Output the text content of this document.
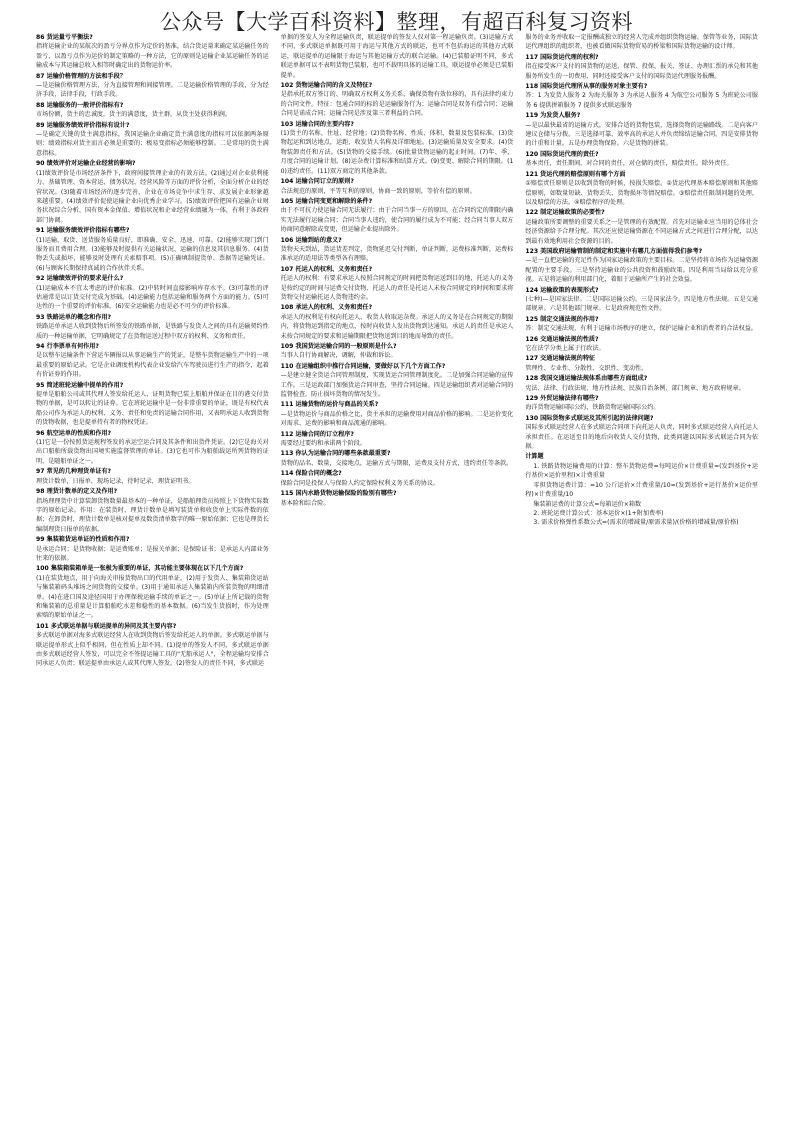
公众号【大学百科资料】整理，有超百科复习资料
86 货运量亏平衡法?
指将运输企业的某航次的盈亏分界点作为定价的基准，结合货运量来确定某运输任务的盈亏，以盈亏点作为运价的制定策略的一种方法，它的原则是运输企业某运输任务的运输成本与其运输总收入相等时确定出的货物运价率。
87 运输价格管理的方法和手段？
—是运输价格管理方法，分为直接管理和间接管理。二是运输价格管理的手段，分为经济手段，法律手段，行政手段。
88 运输服务的一般评价指标有?
市场份额，货主的忠诚度，货主的满意度，货主群，从货主处获得利润。
89 运输服务绩效评价指标有设计?
—是确定关键的货主满意指标，我国运输企业确定货主满意度的指标可以依据两条原则：绩效指标对货主而言必须是重要的；极易变指标必须能够控制。二是常用的货主满意指标。
90 绩效评价对运输企业经营的影响?
(1)绩效评价是市场经济条件下，政府间接管理企业的有效方法。(2)通过对企业获利能力、基础管理、资本营运、债务状况、经营风险等方面的评价分析，全面分析企业的经营状况。(3)随着市场经济的逐步完善，企业在市场竞争中求生存、求发展企业形象越来越重要。(4)绩效评价促使运输企业向优秀企业学习。(5)绩效评价把国有运输企业财务状况综合分析、国有资本金保值、增值状况和企业经营业绩融为一体，有利于各政府部门协调。
91 运输服务绩效评价指标有哪些?
(1)运输、取货、送货服务质量良好，即准确、安全、迅速、可靠。(2)能够实现门到门服务而且费用合理。(3)能够及时提供有关运输状况、运输的信息及其信息服务。(4)货物丢失或损坏，能够及时处理有关索赔事项。(5)正确填制提货单、票据等运输凭证。(6)与顾客长期保持真诚的合作伙伴关系。
92 运输绩效评价的要求是什么?
(1)运输成本不宜太考虑的评价标准。(2)中转时间直接影响库存水平。(3)可靠性的评估通常是以订货交付完成为基础。(4)运输能力包括运输和服务两个方面的能力。(5)可达性的一个重要的评价标准。(6)安全运输能力也是必不可少的评价标准。
93 铁路运单的概念和作用?
铁路运单承运人收到货物后所签发的铁路单据，是铁路与发货人之间的具有运输契约性质的一种运输单据，它明确规定了在货物运送过程中双方的权利、义务和责任。
94 行李票单有何作用?
是以整车运输条件下营运车辆报以从事运输生产的凭证，是整车货物运输生产中的一项最重要的原始记录。它是企业调度机构代表企业发给汽车驾驶员进行生产的指令，起着有价证券的作用。
95 简述班轮运输中提单的作用?
提单是船舶公司或其代理人签发给托运人，证明货物已装上船舶并保证在目的港交付货物的单据，是可以转让的证券。它在班轮运输中是一份非常重要的单证，既是有权代表船公司作为承运人的权利、义务、责任和免责的运输合同作用，又表明承运人收到货物的货物收据，也是提单持有者的物权凭证。
96 航空运单的性质和作用?
(1)它是一份按照货运规程签发的承运空运合同及其条件和出货件凭证。(2)它是海关对出口船舶所载货物出国境实施监督管理的单证。(3)它也可作为船舶载运所列货物的证明，是随船单证之一。
97 常见的几种理货单证有?
理货计数单，日报单，现场记录，待时记录，理货证明书。
98 理货计数单的定义及作用?
指场理理货中计算装卸货物数量最基本的一种单证，是船舶理货员按照上下货物实际数字的原始记录。作用：在装货时，理货计数单是填写装货单和收货单上实际件数的依据；在卸货时，理货计数单是核对提单及数货清单数字的唯一原始依据；它也是理货长编制理货日报单的依据。
99 集装箱货运单证的性质和作用?
是承运合同；是货物收据；是运费账单；是报关单据；是保险证书；是承运人内部业务往来的依据。
100 集装箱装箱单是一张极为重要的单证，其功能主要体现在以下几个方面?
(1)在装货地点，用于向海关审报货物出口的代用单证。(2)用于发货人、集装箱货运站与集装箱码头堆场之间货物的交接单。(3)用于通知承运人集装箱内所装货物的明细清单。(4)在进口国及途径国用于办理保税运输手续的单证之一。(5)单证上所记载的货物和集装箱的总重量是计算船舶吃水差和稳性的基本数据。(6)当发生货损时，作为处理索赔的原始单证之一。
101 多式联运单据与联运提单的异同及其主要内容?
多式联运单据对海多式联运经营人在收到货物后签发给托运人的单据。多式联运单据与联运提单形式上似乎相同，但在性质上却不同。(1)提单的签发人不同，多式联运单据由多式联运经营人签发，可以完全不签提运输工具的"无船承运人"，全程运输均安排合同承运人负责；联运提单由承运人或其代理人签发。(2)签发人的责任不同，多式联运
单据的签发人为全程运输负责，联运提单的签发人仅对第一程运输负责。(3)运输方式不同，多式联运单据既可用于海运与其他方式的联运，也可不包括海运的其他方式联运，联运提单的运输限于海运与其他运输方式的联合运输。(4)已装船证明不同，多式联运单据可以不表明货物已装船，也可不载明具体的运输工具，联运提单必须是已装船提单。
102 货物运输合同的含义及特征?
是指承托双方签订的、明确双方权利义务关系、确保货物有效位移的、具有法律约束力的合同文件。特征：包通合同的标的是运输服务行为；运输合同是双务有偿合同；运输合同是诺成合同；运输合同是涉及第三者利益的合同。
103 运输合同的主要内容?
(1)货主的名称、住址、经营地；(2)货物名称、性质、体积、数量及包装标准。(3)货物起运和到达地点，运距、收发货人名称及详细地址。(3)运输质量及安全要求。(4)货物装卸责任和方法。(5)货物的交接手续。(6)批量货物运输的起止时间。(7)年、季、月度合同的运输计划。(8)运杂费计算标准和结算方式。(9)变更、解除合同的期限。(10)违约责任。(11)双方商定的其他条款。
104 运输合同订立的原则?
合法规范的原则，平等互利的原则，协商一致的原则，等价有偿的原则。
105 运输合同变更和解除的条件?
由于不可抗力使运输合同无法履行；由于合同当事一方的原因，在合同约定的期限内确实无法履行运输合同；合同当事人违约，使合同的履行成为不可能；经合同当事人双方协商同意解除或变更，但运输企业提出除外。
106 运输到站的意义?
货物天天到站，货运货差判定，货物延迟交付判断，单证判断，运费标准判断，运费标准承运的适用法等类型各有理赔。
107 托运人的权利、义务和责任?
托运人的权利：有要求承运人按照合同规定的时间把货物运送到目的地，托运人的义务是按约定的时间与运费交付货物、托运人的责任是托运人未按合同规定的时间和要求将货物交付运输托运人货物违约金。
108 承运人的权利、义务和责任?
承运人的权利是有权向托运人、收货人收取运杂费。承运人的义务是在合同规定的期限内，将货物运到指定的地点，按时向收货人发出货物到达通知。承运人的责任是承运人未按合同规定的要求和运输期限把货物送到目的地而导致的责任。
109 我国货运运输合同的一般原则是什么?
当事人自行协商解决，调解，仲裁和诉讼。
110 在运输组织中推行合同运输，要做好以下几个方面工作?
—是建立健全货运合同管理制度，实现货运合同管理制度化。二是加强合同运输的宣传工作。三是运政部门加强货运合同审查，坚持合同运输。四是运输组织者对运输合同的监督检查，防止损坏货物的情况发生。
111 运输货物的运价与商品的关系?
—是货物运价与商品价格之比，货主承担的运输费用对商品价格的影响。二是运价变化对需求、运费的影响和商品流通的影响。
112 运输合同的订立程序?
需要经过要约和承诺两个阶段。
113 你认为运输合同的哪些条款最重要?
货物的品名、数量，交接地点，运输方式与期限，运费及支付方式，违约责任等条款。
114 保险合同的概念?
保险合同是投保人与保险人约定保险权利义务关系的协议。
115 国内水路货物运输保险的险别有哪些?
基本险和综合险。
服务的业务并收取一定报酬或独立的经营人完成并组织货物运输、保管等业务，国际货运代理组织的组织者，也被看做国际货物贸易的桥梁和国际货物运输的设计师。
117 国际货运代理的权利?
指在接受客户支付的国货物的运送、保管、投保、报关、签证、办理汇票的承兑和其他服务所发生的一切费用，同时还接受客户支付的国际货运代理服务报酬。
118 国际货运代理所从事的服务对象主要有?
答：1 为发货人服务 2 为海关服务 3 为承运人服务 4 为航空公司服务 5 为班轮公司服务 6 提供拼箱服务 7 提供多式联运服务
119 为发货人服务?
—是以最快最省的运输方式，安排合适的货物包装，选择货物的运输路线。二是向客户建议仓储与分拨。三是选择可靠、效率高的承运人并负责缔结运输合同。四是安排货物的计重和计量。五是办理货物保险。六是货物的拼装。
120 国际货运代理的责任?
基本责任，责任期间，对合同的责任，对仓储的责任，赔偿责任，除外责任。
121 货运代理的赔偿原则有哪个方面
①赔偿责任原则是以收到货物的时候，按损失赔偿。②货运代理基本赔偿原则和其他赔偿原则，如数量短缺、货物丢失、货物损坏等情况赔偿。③赔偿责任限制问题的处理，以及赔偿的方法。④赔偿程序的处理。
122 制定运输政策的必要性?
运输政策所要调整的重要关系之一是管理的有效配置。首先对运输业应当用的总体社会经济资源给予合理分配。其次还应使运输资源在不同运输方式之间进行合理分配，以达到最有效地利用社会资源的目的。
123 美国政府运输管制的制定和实施中有哪几方面值得我们参考?
—是一直把运输的充足性作为国家运输政策的主要目标。二是坚持将市场作为运输资源配置的主要手段。三是坚持运输业的公共投资和鼓励政策。四是利用当局给以充分重视。五是将运输的利用部门化，着眼于运输所产生的社会效益。
124 运输政策的表现形式?
(七种)—是国家法律。二是国际运输公约。三是国家法令。四是地方性法规。五是交通部规章。六是其他部门规章。七是政府规范性文件。
125 制定交通法规的作用?
答：制定交通法规，有利于运输市场秩序的建立，保护运输企业和消费者的合法权益。
126 交通运输法规的性质?
它在法学分类上属于行政法。
127 交通运输法规的特征
管理性、专业性、分散性、交织性、变动性。
128 我国交通运输法规体系由哪些方面组成?
宪法、法律、行政法规、地方性法规、民族自治条例、部门规章、地方政府规章。
129 外贸运输法律有哪些?
海洋货物运输国际公约，铁路货物运输国际公约。
130 国际货物多式联运及其所引起的法律问题?
国际多式联运经营人在多式联运合同项下向托运人负责，同时多式联运经营人向托运人承担责任。在运送至目的地后向收货人交付货物，此类问题以国际多式联运合同为依据。
计算题
1. 铁路货物运输费用的计算：整车货物运费=每吨运价×计费重量=(发到基价+运行基价×运价里程)×计费重量
零担货物运费计算：=10 公斤运价×计费重量/10=(发到基价+运行基价×运价里程)×计费重量/10
集装箱运费的计算公式=每箱运价×箱数
2. 班轮运费计算公式：基本运价×(1+附加费率)
3. 需求价格弹性系数公式=(需求的增减量/原需求量)/(价格的增减量/原价格)
